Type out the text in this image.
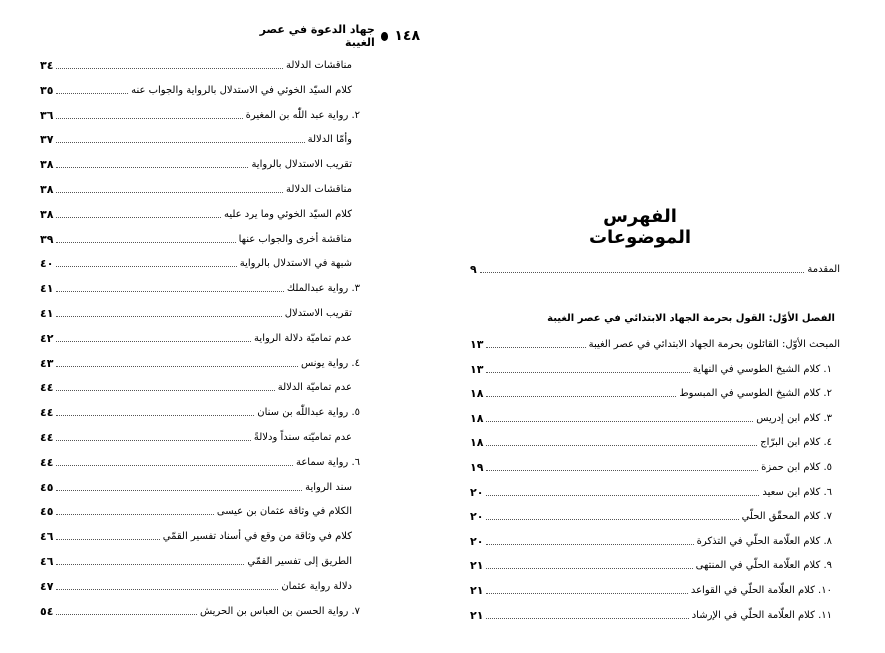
١٤٨
جهاد الدعوة في عصر الغيبة
مناقشات الدلالة
٣٤
كلام السيّد الخوئي في الاستدلال بالرواية والجواب عنه
٣٥
٢. رواية عبد اللّٰه بن المغيرة
٣٦
وأمّا الدلالة
٣٧
تقريب الاستدلال بالرواية
٣٨
مناقشات الدلالة
٣٨
كلام السيّد الخوئي وما يرد عليه
٣٨
مناقشة أخرى والجواب عنها
٣٩
شبهة في الاستدلال بالرواية
٤٠
٣. رواية عبدالملك
٤١
تقريب الاستدلال
٤١
عدم تماميّة دلالة الرواية
٤٢
٤. رواية يونس
٤٣
عدم تماميّة الدلالة
٤٤
٥. رواية عبداللّٰه بن سنان
٤٤
عدم تماميّته سنداً ودلالةً
٤٤
٦. رواية سماعة
٤٤
سند الرواية
٤٥
الكلام في وثاقة عثمان بن عيسى
٤٥
كلام في وثاقة من وقع في أسناد تفسير القمّي
٤٦
الطريق إلى تفسير القمّي
٤٦
دلالة رواية عثمان
٤٧
٧. رواية الحسن بن العباس بن الحريش
٥٤
الفهرس الموضوعات
المقدمة
٩
الفصل الأوّل: القول بحرمة الجهاد الابتدائي في عصر الغيبة
المبحث الأوّل: القائلون بحرمة الجهاد الابتدائي في عصر الغيبة
١٣
١. كلام الشيخ الطوسي في النهاية
١٣
٢. كلام الشيخ الطوسي في المبسوط
١٨
٣. كلام ابن إدريس
١٨
٤. كلام ابن البرّاج
١٨
٥. كلام ابن حمزة
١٩
٦. كلام ابن سعيد
٢٠
٧. كلام المحقّق الحلّي
٢٠
٨. كلام العلّامة الحلّي في التذكرة
٢٠
٩. كلام العلّامة الحلّي في المنتهى
٢١
١٠. كلام العلّامة الحلّي في القواعد
٢١
١١. كلام العلّامة الحلّي في الإرشاد
٢١
